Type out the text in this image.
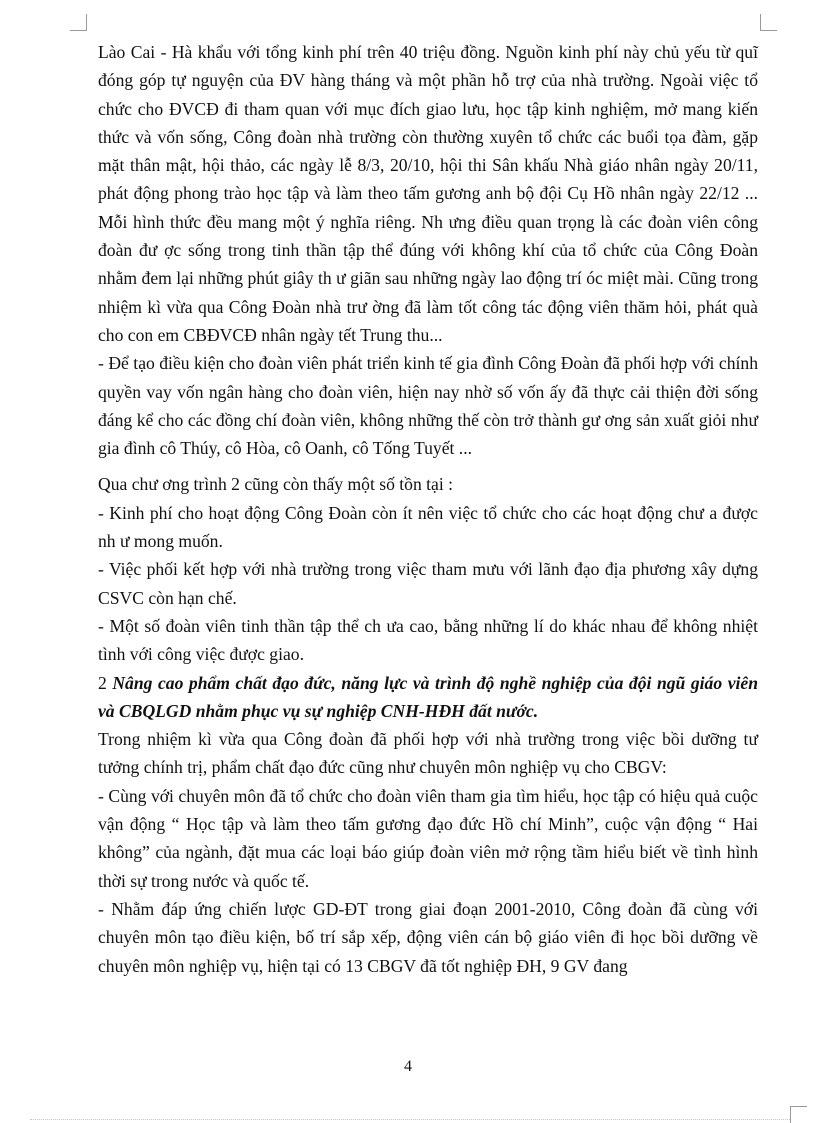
Lào Cai - Hà khẩu với tổng kinh phí trên 40 triệu đồng. Nguồn kinh phí này chủ yếu từ quĩ đóng góp tự nguyện của ĐV hàng tháng và một phần hỗ trợ của nhà trường. Ngoài việc tổ chức cho ĐVCĐ đi tham quan với mục đích giao lưu, học tập kinh nghiệm, mở mang kiến thức và vốn sống, Công đoàn nhà trường còn thường xuyên tổ chức các buổi tọa đàm, gặp mặt thân mật, hội thảo, các ngày lễ 8/3, 20/10, hội thi Sân khấu Nhà giáo nhân ngày 20/11, phát động phong trào học tập và làm theo tấm gương anh bộ đội Cụ Hồ nhân ngày 22/12 ... Mỗi hình thức đều mang một ý nghĩa riêng. Nh ưng điều quan trọng là các đoàn viên công đoàn đư ợc sống trong tinh thần tập thể đúng với không khí của tổ chức của Công Đoàn nhằm đem lại những phút giây th ư giãn sau những ngày lao động trí óc miệt mài. Cũng trong nhiệm kì vừa qua Công Đoàn nhà trư ờng đã làm tốt công tác động viên thăm hỏi, phát quà cho con em CBĐVCĐ nhân ngày tết Trung thu...

- Để tạo điều kiện cho đoàn viên phát triển kinh tế gia đình Công Đoàn đã phối hợp với chính quyền vay vốn ngân hàng cho đoàn viên, hiện nay nhờ số vốn ấy đã thực cải thiện đời sống đáng kể cho các đồng chí đoàn viên, không những thế còn trở thành gư ơng sản xuất giỏi như gia đình cô Thúy, cô Hòa, cô Oanh, cô Tống Tuyết ...

Qua chư ơng trình 2 cũng còn thấy một số tồn tại :

- Kinh phí cho hoạt động Công Đoàn còn ít nên việc tổ chức cho các hoạt động chư a được nh ư mong muốn.

- Việc phối kết hợp với nhà trường trong việc tham mưu với lãnh đạo địa phương xây dựng CSVC còn hạn chế.

- Một số đoàn viên tinh thần tập thể ch ưa cao, bằng những lí do khác nhau để không nhiệt tình với công việc được giao.

2 Nâng cao phẩm chất đạo đức, năng lực và trình độ nghề nghiệp của đội ngũ giáo viên và CBQLGD nhằm phục vụ sự nghiệp CNH-HĐH đất nước.

Trong nhiệm kì vừa qua Công đoàn đã phối hợp với nhà trường trong việc bồi dưỡng tư tưởng chính trị, phẩm chất đạo đức cũng như chuyên môn nghiệp vụ cho CBGV:

- Cùng với chuyên môn đã tổ chức cho đoàn viên tham gia tìm hiểu, học tập có hiệu quả cuộc vận động “ Học tập và làm theo tấm gương đạo đức Hồ chí Minh”, cuộc vận động “ Hai không” của ngành, đặt mua các loại báo giúp đoàn viên mở rộng tầm hiểu biết về tình hình thời sự trong nước và quốc tế.

- Nhằm đáp ứng chiến lược GD-ĐT trong giai đoạn 2001-2010, Công đoàn đã cùng với chuyên môn tạo điều kiện, bố trí sắp xếp, động viên cán bộ giáo viên đi học bồi dưỡng về chuyên môn nghiệp vụ, hiện tại có 13 CBGV đã tốt nghiệp ĐH, 9 GV đang

4
